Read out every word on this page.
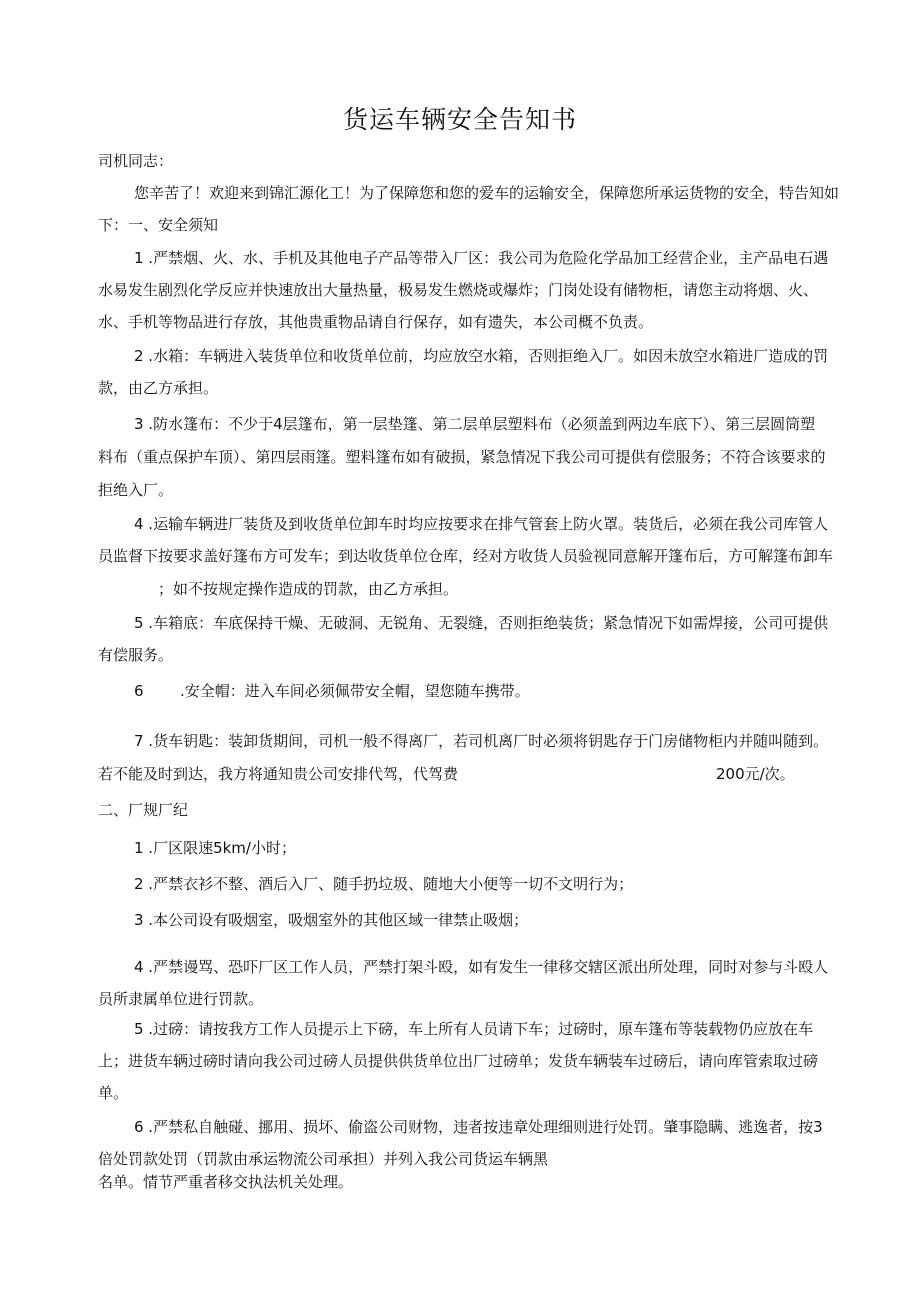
货运车辆安全告知书
司机同志：
您辛苦了！欢迎来到锦汇源化工！为了保障您和您的爱车的运输安全，保障您所承运货物的安全，特告知如
下：一、安全须知
1 .严禁烟、火、水、手机及其他电子产品等带入厂区：我公司为危险化学品加工经营企业，主产品电石遇
水易发生剧烈化学反应并快速放出大量热量，极易发生燃烧或爆炸；门岗处设有储物柜，请您主动将烟、火、
水、手机等物品进行存放，其他贵重物品请自行保存，如有遗失，本公司概不负责。
2 .水箱：车辆进入装货单位和收货单位前，均应放空水箱，否则拒绝入厂。如因未放空水箱进厂造成的罚
款，由乙方承担。
3 .防水篷布：不少于4层篷布，第一层垫篷、第二层单层塑料布（必须盖到两边车底下）、第三层圆筒塑
料布（重点保护车顶）、第四层雨篷。塑料篷布如有破损，紧急情况下我公司可提供有偿服务；不符合该要求的
拒绝入厂。
4 .运输车辆进厂装货及到收货单位卸车时均应按要求在排气管套上防火罩。装货后，必须在我公司库管人
员监督下按要求盖好篷布方可发车；到达收货单位仓库，经对方收货人员验视同意解开篷布后，方可解篷布卸车
；如不按规定操作造成的罚款，由乙方承担。
5 .车箱底：车底保持干燥、无破洞、无锐角、无裂缝，否则拒绝装货；紧急情况下如需焊接，公司可提供
有偿服务。
6 .安全帽：进入车间必须佩带安全帽，望您随车携带。
7 .货车钥匙：装卸货期间，司机一般不得离厂，若司机离厂时必须将钥匙存于门房储物柜内并随叫随到。
若不能及时到达，我方将通知贵公司安排代驾，代驾费	200元/次。
二、厂规厂纪
1 .厂区限速5km/小时；
2 .严禁衣衫不整、酒后入厂、随手扔垃圾、随地大小便等一切不文明行为；
3 .本公司设有吸烟室，吸烟室外的其他区域一律禁止吸烟；
4 .严禁谩骂、恐吓厂区工作人员，严禁打架斗殴，如有发生一律移交辖区派出所处理，同时对参与斗殴人
员所隶属单位进行罚款。
5 .过磅：请按我方工作人员提示上下磅，车上所有人员请下车；过磅时，原车篷布等装载物仍应放在车
上；进货车辆过磅时请向我公司过磅人员提供供货单位出厂过磅单；发货车辆装车过磅后，请向库管索取过磅
单。
6 .严禁私自触碰、挪用、损坏、偷盗公司财物，违者按违章处理细则进行处罚。肇事隐瞒、逃逸者，按3
倍处罚款处罚（罚款由承运物流公司承担）并列入我公司货运车辆黑
名单。情节严重者移交执法机关处理。
